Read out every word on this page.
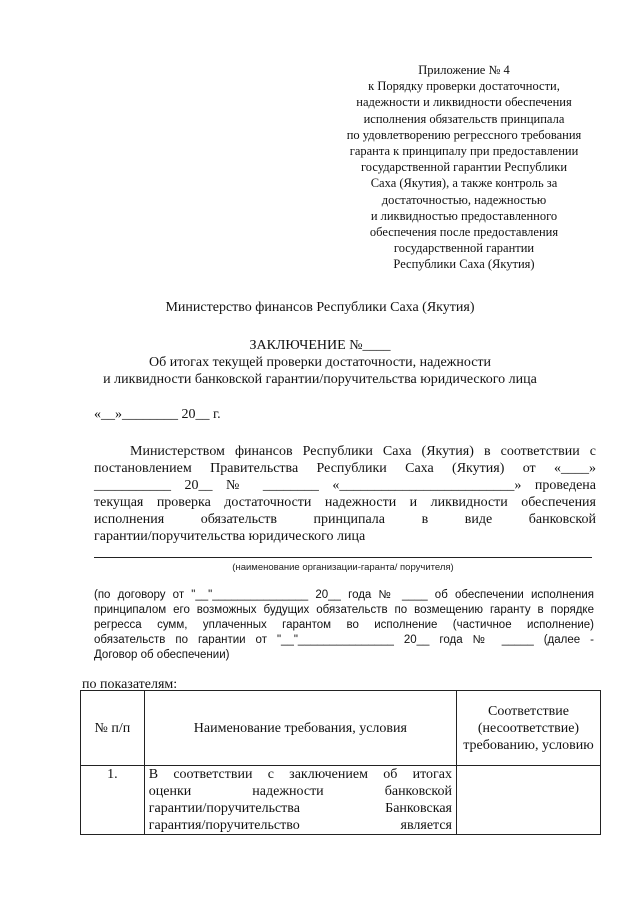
Приложение № 4
к Порядку проверки достаточности,
надежности и ликвидности обеспечения
исполнения обязательств принципала
по удовлетворению регрессного требования
гаранта к принципалу при предоставлении
государственной гарантии Республики
Саха (Якутия), а также контроль за
достаточностью, надежностью
и ликвидностью предоставленного
обеспечения после предоставления
государственной гарантии
Республики Саха (Якутия)
Министерство финансов Республики Саха (Якутия)
ЗАКЛЮЧЕНИЕ №____
Об итогах текущей проверки достаточности, надежности
и ликвидности банковской гарантии/поручительства юридического лица
«__»________ 20__ г.
Министерством финансов Республики Саха (Якутия) в соответствии с
постановлением Правительства Республики Саха (Якутия) от «____»
___________ 20__ № ________ «_________________________» проведена
текущая проверка достаточности надежности и ликвидности обеспечения
исполнения обязательств принципала в виде банковской
гарантии/поручительства юридического лица
(наименование организации-гаранта/ поручителя)
(по договору от "__"_______________ 20__ года № ____ об обеспечении исполнения
принципалом его возможных будущих обязательств по возмещению гаранту в порядке
регресса сумм, уплаченных гарантом во исполнение (частичное исполнение)
обязательств по гарантии от "__"_______________ 20__ года № _____ (далее -
Договор об обеспечении)
по показателям:
№ п/п	Наименование требования, условия	Соответствие (несоответствие) требованию, условию
1.	В соответствии с заключением об итогах
оценки надежности банковской
гарантии/поручительства Банковская
гарантия/поручительство является	
